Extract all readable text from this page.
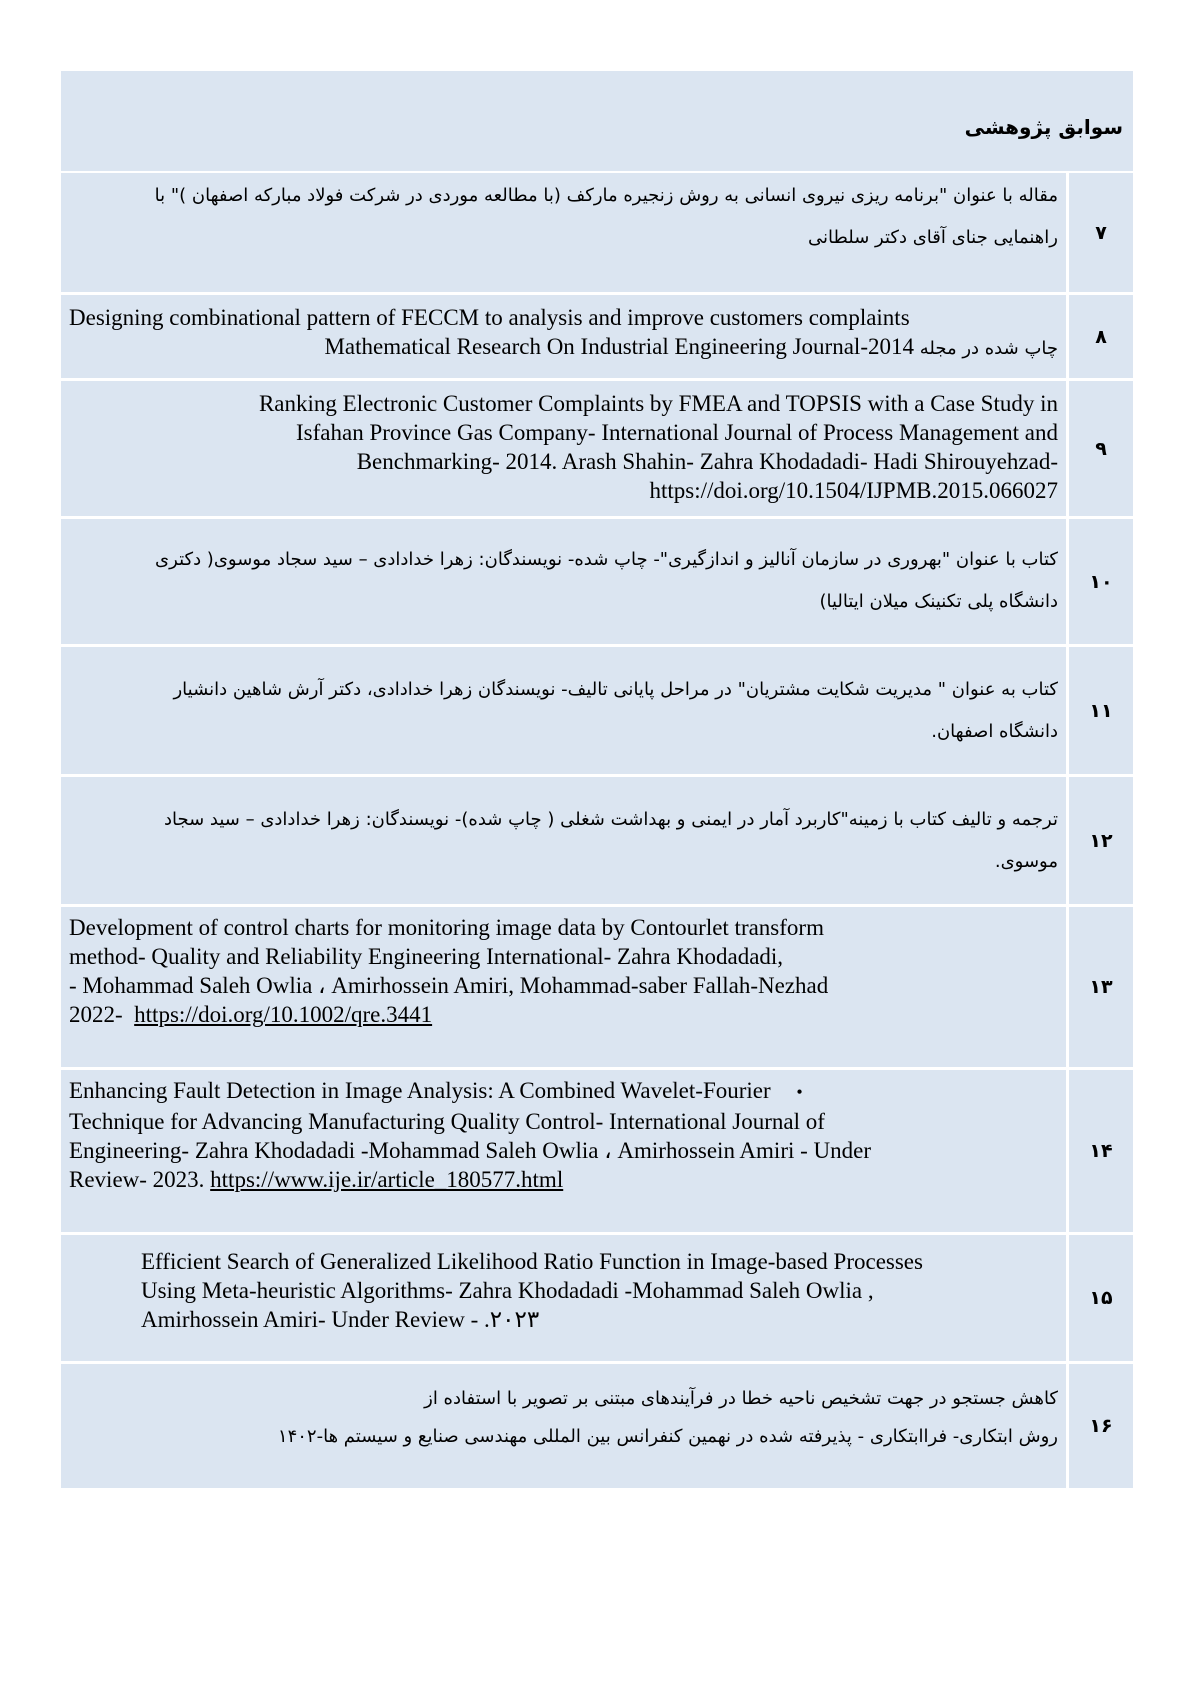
سوابق پژوهشی
۷
مقاله با عنوان "برنامه ریزی نیروی انسانی به روش زنجیره مارکف (با مطالعه موردی در شرکت فولاد مبارکه اصفهان )" با
راهنمایی جنای آقای دکتر سلطانی
۸
Designing combinational pattern of FECCM to analysis and improve customers complaints
چاپ شده در مجله Mathematical Research On Industrial Engineering Journal-2014
۹
Ranking Electronic Customer Complaints by FMEA and TOPSIS with a Case Study in
Isfahan Province Gas Company- International Journal of Process Management and
Benchmarking- 2014. Arash Shahin- Zahra Khodadadi- Hadi Shirouyehzad-
https://doi.org/10.1504/IJPMB.2015.066027
۱۰
کتاب با عنوان "بهروری در سازمان آنالیز و اندازگیری"- چاپ شده- نویسندگان: زهرا خدادادی – سید سجاد موسوی( دکتری
دانشگاه پلی تکنینک میلان ایتالیا)
۱۱
کتاب به عنوان " مدیریت شکایت مشتریان" در مراحل پایانی تالیف- نویسندگان زهرا خدادادی، دکتر آرش شاهین دانشیار
دانشگاه اصفهان.
۱۲
ترجمه و تالیف کتاب با زمینه"کاربرد آمار در ایمنی و بهداشت شغلی ( چاپ شده)- نویسندگان: زهرا خدادادی – سید سجاد
موسوی.
۱۳
Development of control charts for monitoring image data by Contourlet transform
method- Quality and Reliability Engineering International- Zahra Khodadadi,
- Mohammad Saleh Owlia ، Amirhossein Amiri, Mohammad-saber Fallah-Nezhad
2022- https://doi.org/10.1002/qre.3441
۱۴
Enhancing Fault Detection in Image Analysis: A Combined Wavelet-Fourier •
Technique for Advancing Manufacturing Quality Control- International Journal of
Engineering- Zahra Khodadadi -Mohammad Saleh Owlia ، Amirhossein Amiri - Under
Review- 2023. https://www.ije.ir/article_180577.html
۱۵
Efficient Search of Generalized Likelihood Ratio Function in Image-based Processes
Using Meta-heuristic Algorithms- Zahra Khodadadi -Mohammad Saleh Owlia ,
Amirhossein Amiri- Under Review - .۲۰۲۳
۱۶
کاهش جستجو در جهت تشخیص ناحیه خطا در فرآیندهای مبتنی بر تصویر با استفاده از
روش ابتکاری- فراابتکاری - پذیرفته شده در نهمین کنفرانس بین المللی مهندسی صنایع و سیستم ها-۱۴۰۲
